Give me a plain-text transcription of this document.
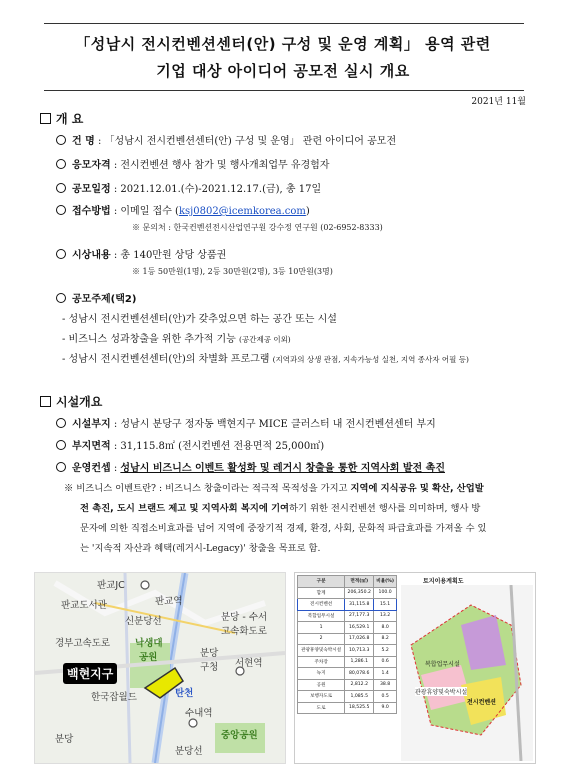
「성남시 전시컨벤션센터(안) 구성 및 운영 계획」 용역 관련
기업 대상 아이디어 공모전 실시 개요
2021년 11월
개 요
건 명 : 「성남시 전시컨벤션센터(안) 구성 및 운영」 관련 아이디어 공모전
응모자격 : 전시컨벤션 행사 참가 및 행사개최업무 유경험자
공모일정 : 2021.12.01.(수)-2021.12.17.(금), 총 17일
접수방법 : 이메일 접수 (ksj0802@icemkorea.com)
※ 문의처 : 한국컨벤션전시산업연구원 강수정 연구원 (02-6952-8333)
시상내용 : 총 140만원 상당 상품권
※ 1등 50만원(1명), 2등 30만원(2명), 3등 10만원(3명)
공모주제(택2)
- 성남시 전시컨벤션센터(안)가 갖추었으면 하는 공간 또는 시설
- 비즈니스 성과창출을 위한 추가적 기능 (공간제공 이외)
- 성남시 전시컨벤션센터(안)의 차별화 프로그램 (지역과의 상생 관점, 지속가능성 실천, 지역 종사자 어필 등)
시설개요
시설부지 : 성남시 분당구 정자동 백현지구 MICE 클러스터 내 전시컨벤션센터 부지
부지면적 : 31,115.8㎡ (전시컨벤션 전용면적 25,000㎡)
운영컨셉 : 성남시 비즈니스 이벤트 활성화 및 레거시 창출을 통한 지역사회 발전 촉진
※ 비즈니스 이벤트란? : 비즈니스 창출이라는 적극적 목적성을 가지고 지역에 지식공유 및 확산, 산업발
전 촉진, 도시 브랜드 제고 및 지역사회 복지에 기여하기 위한 전시컨벤션 행사를 의미하며, 행사 방
문자에 의한 직접소비효과를 넘어 지역에 중장기적 경제, 환경, 사회, 문화적 파급효과를 가져올 수 있
는 '지속적 자산과 혜택(레거시-Legacy)' 창출을 목표로 함.
판교JC
판교역
판교도서관
신분당선	분당 - 수서
고속화도로
경부고속도로	낙생대
공원	분당
구청 서현역
백현지구
탄천
한국잡월드
수내역
중앙공원
분당
분당선
구분	면적(㎡)	비율(%)
합계	206,350.2	100.0
전시컨벤션	31,115.8	15.1
복합업무시설	27,177.3	13.2
1	16,529.1	8.0
2	17,026.8	8.2
관광휴양및숙박시설	10,713.3	5.2
주차장	1,286.1	0.6
녹지	80,078.6	1.4
공원	2,812.2	38.8
보행자도로	1,085.5	0.5
도로	18,525.5	9.0
토지이용계획도
복합업무시설
관광휴양및숙박시설
전시컨벤션
